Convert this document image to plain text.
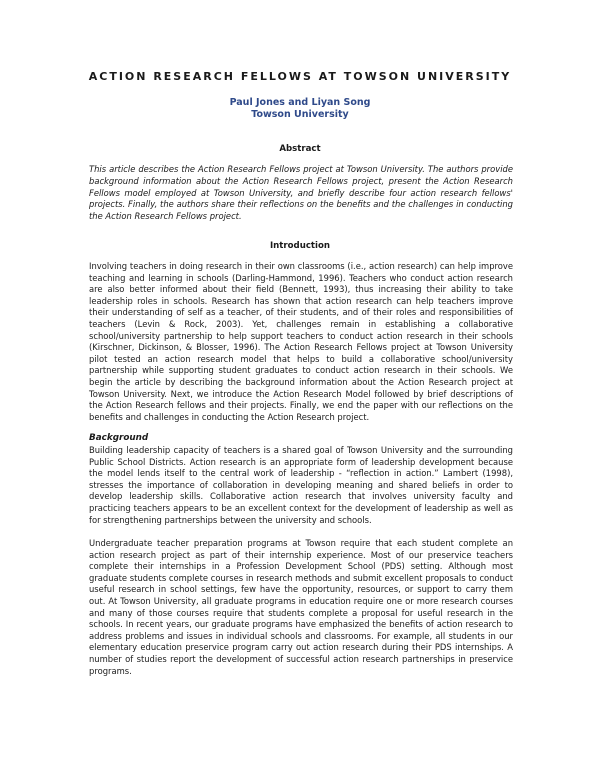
ACTION RESEARCH FELLOWS AT TOWSON UNIVERSITY
Paul Jones and Liyan Song
Towson University
Abstract
This article describes the Action Research Fellows project at Towson University. The authors provide background information about the Action Research Fellows project, present the Action Research Fellows model employed at Towson University, and briefly describe four action research fellows' projects. Finally, the authors share their reflections on the benefits and the challenges in conducting the Action Research Fellows project.
Introduction
Involving teachers in doing research in their own classrooms (i.e., action research) can help improve teaching and learning in schools (Darling-Hammond, 1996). Teachers who conduct action research are also better informed about their field (Bennett, 1993), thus increasing their ability to take leadership roles in schools. Research has shown that action research can help teachers improve their understanding of self as a teacher, of their students, and of their roles and responsibilities of teachers (Levin & Rock, 2003). Yet, challenges remain in establishing a collaborative school/university partnership to help support teachers to conduct action research in their schools (Kirschner, Dickinson, & Blosser, 1996). The Action Research Fellows project at Towson University pilot tested an action research model that helps to build a collaborative school/university partnership while supporting student graduates to conduct action research in their schools. We begin the article by describing the background information about the Action Research project at Towson University. Next, we introduce the Action Research Model followed by brief descriptions of the Action Research fellows and their projects. Finally, we end the paper with our reflections on the benefits and challenges in conducting the Action Research project.
Background
Building leadership capacity of teachers is a shared goal of Towson University and the surrounding Public School Districts. Action research is an appropriate form of leadership development because the model lends itself to the central work of leadership - “reflection in action.” Lambert (1998), stresses the importance of collaboration in developing meaning and shared beliefs in order to develop leadership skills. Collaborative action research that involves university faculty and practicing teachers appears to be an excellent context for the development of leadership as well as for strengthening partnerships between the university and schools.
Undergraduate teacher preparation programs at Towson require that each student complete an action research project as part of their internship experience. Most of our preservice teachers complete their internships in a Profession Development School (PDS) setting. Although most graduate students complete courses in research methods and submit excellent proposals to conduct useful research in school settings, few have the opportunity, resources, or support to carry them out. At Towson University, all graduate programs in education require one or more research courses and many of those courses require that students complete a proposal for useful research in the schools. In recent years, our graduate programs have emphasized the benefits of action research to address problems and issues in individual schools and classrooms. For example, all students in our elementary education preservice program carry out action research during their PDS internships. A number of studies report the development of successful action research partnerships in preservice programs.
